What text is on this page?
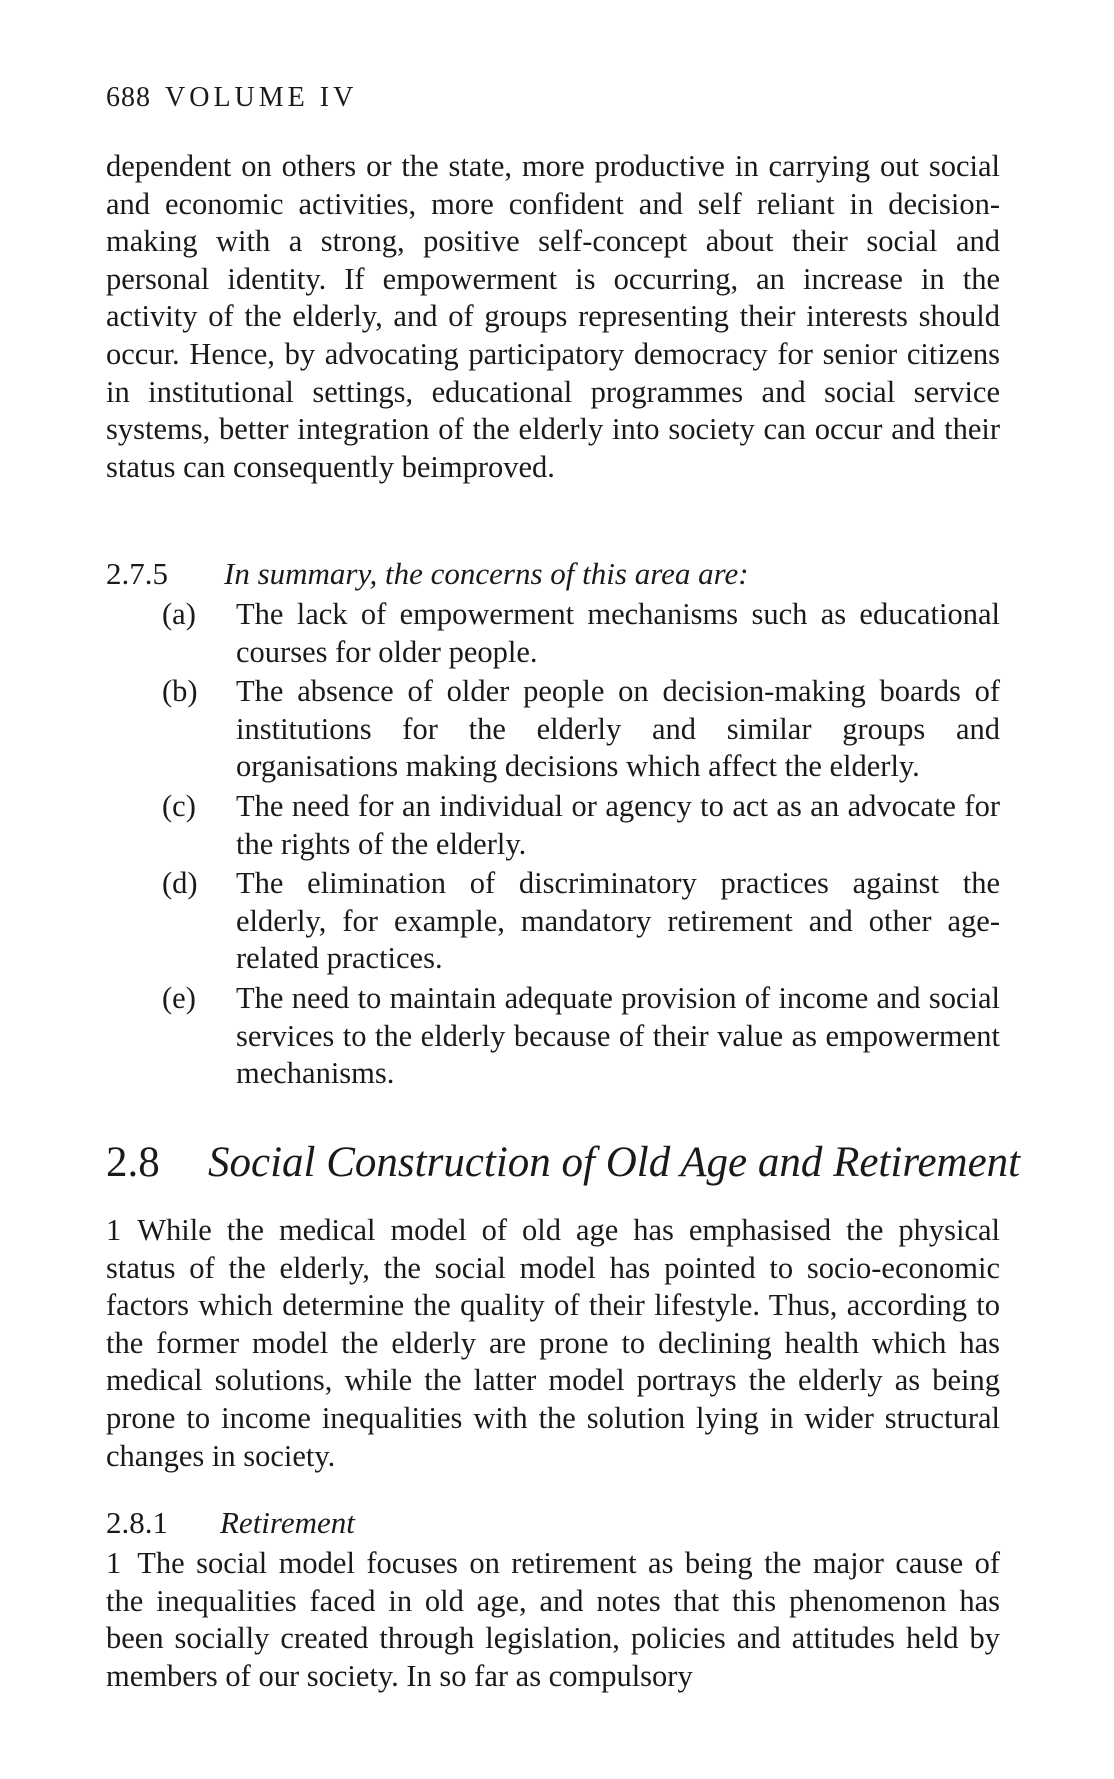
688 VOLUME IV
dependent on others or the state, more productive in carrying out social and economic activities, more confident and self reliant in decision-making with a strong, positive self-concept about their social and personal identity. If empowerment is occurring, an increase in the activity of the elderly, and of groups representing their interests should occur. Hence, by advocating participatory democracy for senior citizens in institutional settings, educational programmes and social service systems, better integration of the elderly into society can occur and their status can consequently beimproved.
2.7.5 In summary, the concerns of this area are:
(a)	The lack of empowerment mechanisms such as educational courses for older people.
(b)	The absence of older people on decision-making boards of institutions for the elderly and similar groups and organisations making decisions which affect the elderly.
(c)	The need for an individual or agency to act as an advocate for the rights of the elderly.
(d)	The elimination of discriminatory practices against the elderly, for example, mandatory retirement and other age-related practices.
(e)	The need to maintain adequate provision of income and social services to the elderly because of their value as empowerment mechanisms.
2.8 Social Construction of Old Age and Retirement
1 While the medical model of old age has emphasised the physical status of the elderly, the social model has pointed to socio-economic factors which determine the quality of their lifestyle. Thus, according to the former model the elderly are prone to declining health which has medical solutions, while the latter model portrays the elderly as being prone to income inequalities with the solution lying in wider structural changes in society.
2.8.1 Retirement
1 The social model focuses on retirement as being the major cause of the inequalities faced in old age, and notes that this phenomenon has been socially created through legislation, policies and attitudes held by members of our society. In so far as compulsory
